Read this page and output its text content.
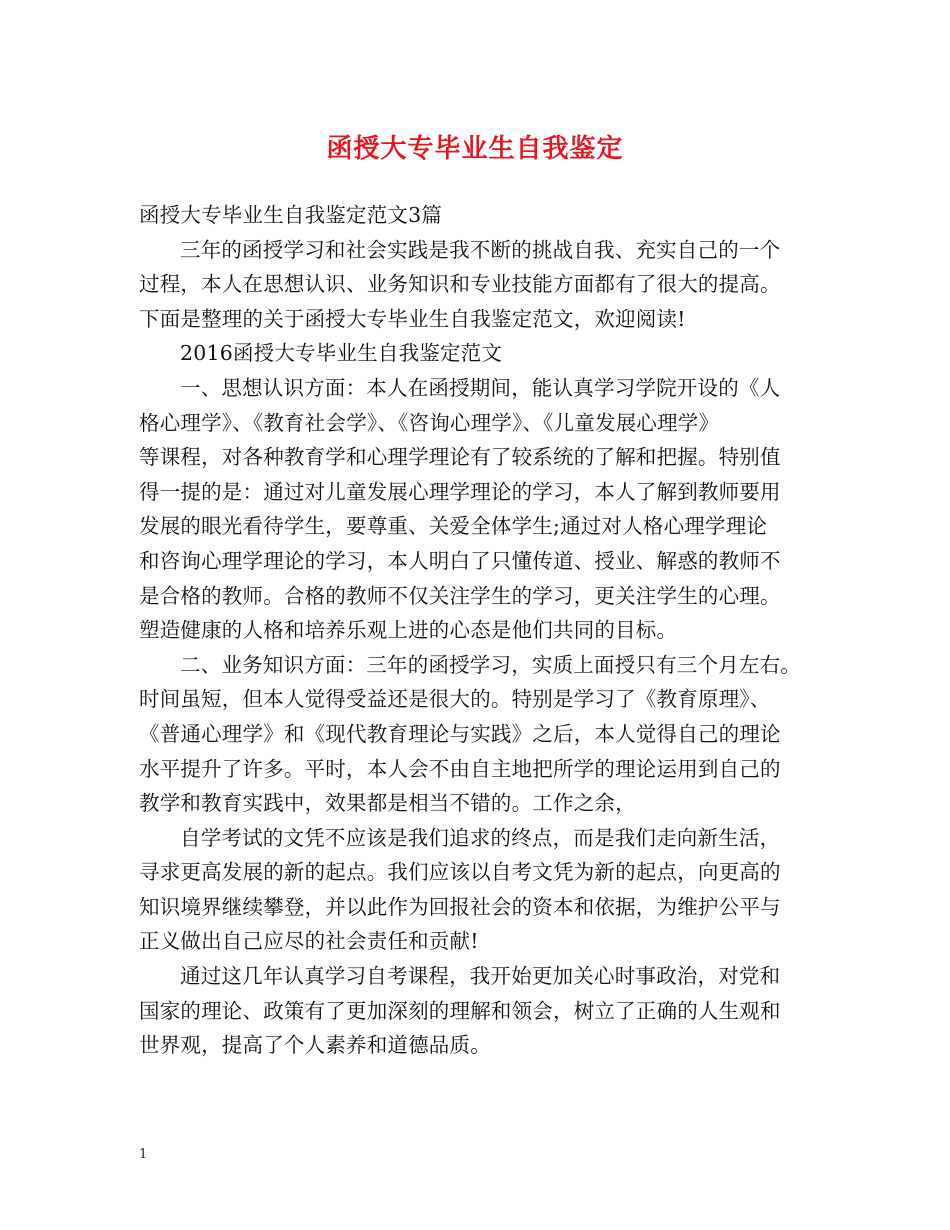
函授大专毕业生自我鉴定
函授大专毕业生自我鉴定范文3篇
三年的函授学习和社会实践是我不断的挑战自我、充实自己的一个
过程，本人在思想认识、业务知识和专业技能方面都有了很大的提高。
下面是整理的关于函授大专毕业生自我鉴定范文，欢迎阅读!
2016函授大专毕业生自我鉴定范文
一、思想认识方面：本人在函授期间，能认真学习学院开设的《人
格心理学》、《教育社会学》、《咨询心理学》、《儿童发展心理学》
等课程，对各种教育学和心理学理论有了较系统的了解和把握。特别值
得一提的是：通过对儿童发展心理学理论的学习，本人了解到教师要用
发展的眼光看待学生，要尊重、关爱全体学生;通过对人格心理学理论
和咨询心理学理论的学习，本人明白了只懂传道、授业、解惑的教师不
是合格的教师。合格的教师不仅关注学生的学习，更关注学生的心理。
塑造健康的人格和培养乐观上进的心态是他们共同的目标。
二、业务知识方面：三年的函授学习，实质上面授只有三个月左右。
时间虽短，但本人觉得受益还是很大的。特别是学习了《教育原理》、
《普通心理学》和《现代教育理论与实践》之后，本人觉得自己的理论
水平提升了许多。平时，本人会不由自主地把所学的理论运用到自己的
教学和教育实践中，效果都是相当不错的。工作之余，
自学考试的文凭不应该是我们追求的终点，而是我们走向新生活，
寻求更高发展的新的起点。我们应该以自考文凭为新的起点，向更高的
知识境界继续攀登，并以此作为回报社会的资本和依据，为维护公平与
正义做出自己应尽的社会责任和贡献!
通过这几年认真学习自考课程，我开始更加关心时事政治，对党和
国家的理论、政策有了更加深刻的理解和领会，树立了正确的人生观和
世界观，提高了个人素养和道德品质。
1
